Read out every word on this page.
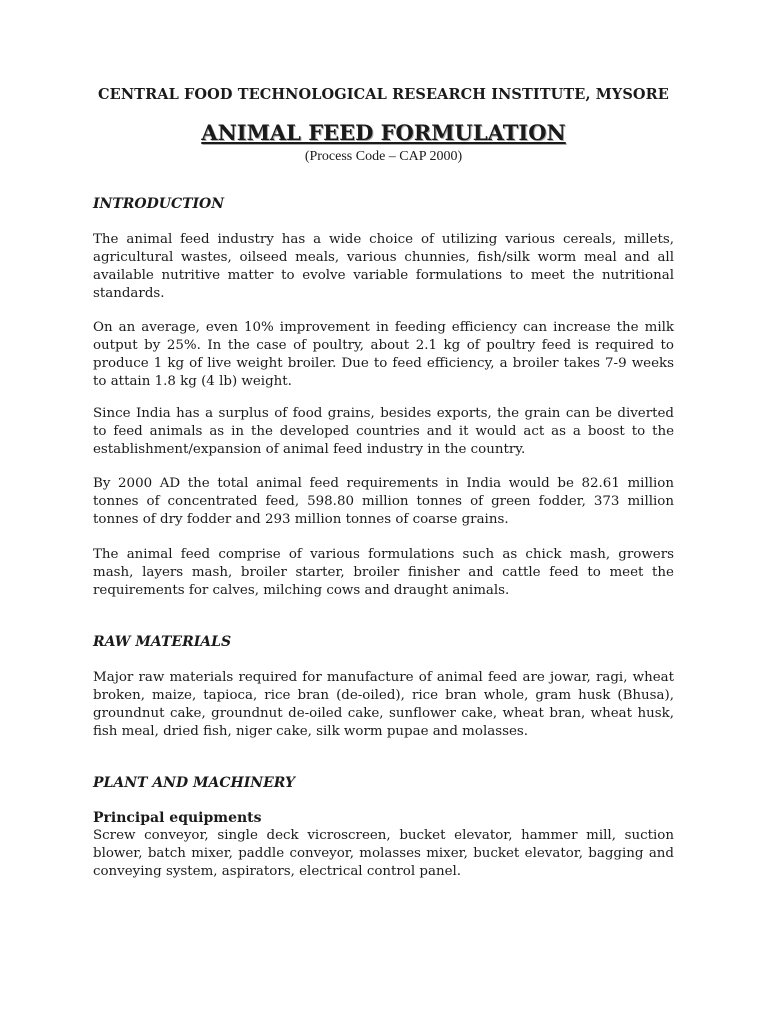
CENTRAL FOOD TECHNOLOGICAL RESEARCH INSTITUTE, MYSORE
ANIMAL FEED FORMULATION
(Process Code – CAP 2000)
INTRODUCTION

The animal feed industry has a wide choice of utilizing various cereals, millets, agricultural wastes, oilseed meals, various chunnies, fish/silk worm meal and all available nutritive matter to evolve variable formulations to meet the nutritional standards.

On an average, even 10% improvement in feeding efficiency can increase the milk output by 25%. In the case of poultry, about 2.1 kg of poultry feed is required to produce 1 kg of live weight broiler. Due to feed efficiency, a broiler takes 7-9 weeks to attain 1.8 kg (4 lb) weight.

Since India has a surplus of food grains, besides exports, the grain can be diverted to feed animals as in the developed countries and it would act as a boost to the establishment/expansion of animal feed industry in the country.

By 2000 AD the total animal feed requirements in India would be 82.61 million tonnes of concentrated feed, 598.80 million tonnes of green fodder, 373 million tonnes of dry fodder and 293 million tonnes of coarse grains.

The animal feed comprise of various formulations such as chick mash, growers mash, layers mash, broiler starter, broiler finisher and cattle feed to meet the requirements for calves, milching cows and draught animals.

RAW MATERIALS

Major raw materials required for manufacture of animal feed are jowar, ragi, wheat broken, maize, tapioca, rice bran (de-oiled), rice bran whole, gram husk (Bhusa), groundnut cake, groundnut de-oiled cake, sunflower cake, wheat bran, wheat husk, fish meal, dried fish, niger cake, silk worm pupae and molasses.

PLANT AND MACHINERY
Principal equipments

Screw conveyor, single deck vicroscreen, bucket elevator, hammer mill, suction blower, batch mixer, paddle conveyor, molasses mixer, bucket elevator, bagging and conveying system, aspirators, electrical control panel.
